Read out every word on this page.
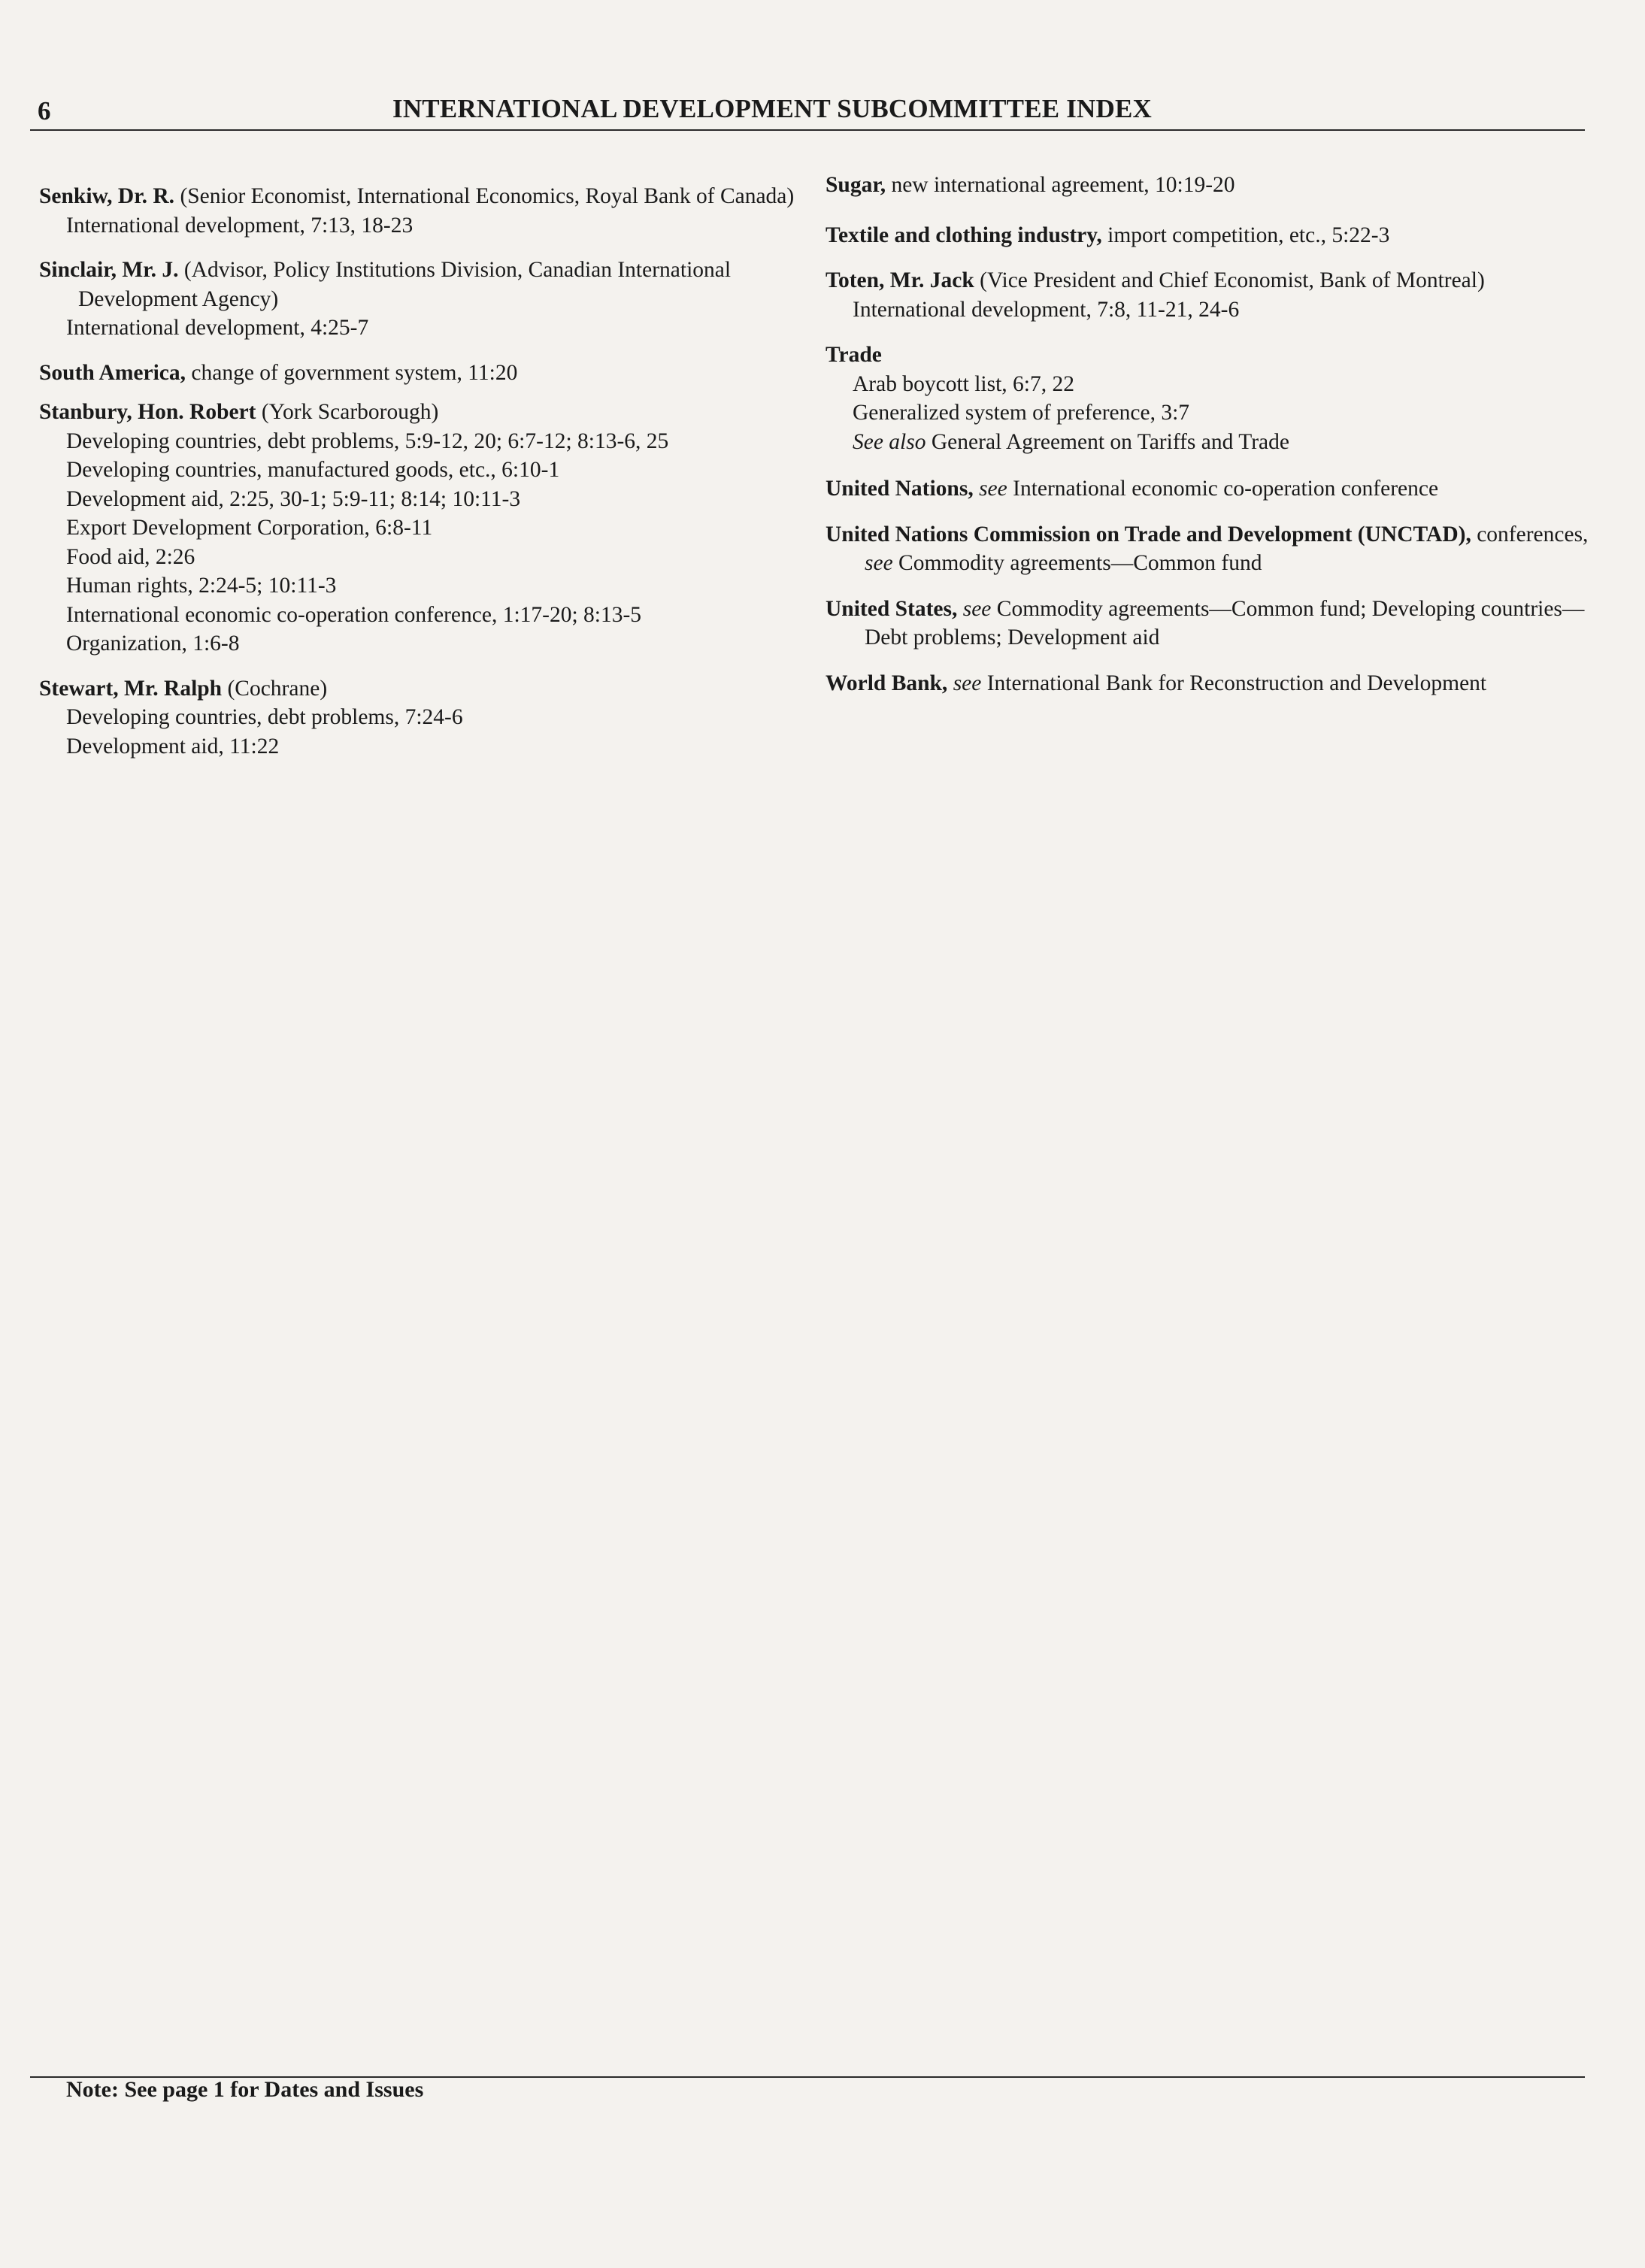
6	INTERNATIONAL DEVELOPMENT SUBCOMMITTEE INDEX
Senkiw, Dr. R. (Senior Economist, International Economics, Royal Bank of Canada)
International development, 7:13, 18-23
Sinclair, Mr. J. (Advisor, Policy Institutions Division, Canadian International Development Agency)
International development, 4:25-7
South America, change of government system, 11:20
Stanbury, Hon. Robert (York Scarborough)
Developing countries, debt problems, 5:9-12, 20; 6:7-12; 8:13-6, 25
Developing countries, manufactured goods, etc., 6:10-1
Development aid, 2:25, 30-1; 5:9-11; 8:14; 10:11-3
Export Development Corporation, 6:8-11
Food aid, 2:26
Human rights, 2:24-5; 10:11-3
International economic co-operation conference, 1:17-20; 8:13-5
Organization, 1:6-8
Stewart, Mr. Ralph (Cochrane)
Developing countries, debt problems, 7:24-6
Development aid, 11:22
Sugar, new international agreement, 10:19-20
Textile and clothing industry, import competition, etc., 5:22-3
Toten, Mr. Jack (Vice President and Chief Economist, Bank of Montreal)
International development, 7:8, 11-21, 24-6
Trade
Arab boycott list, 6:7, 22
Generalized system of preference, 3:7
See also General Agreement on Tariffs and Trade
United Nations, see International economic co-operation conference
United Nations Commission on Trade and Development (UNCTAD), conferences, see Commodity agreements—Common fund
United States, see Commodity agreements—Common fund; Developing countries—Debt problems; Development aid
World Bank, see International Bank for Reconstruction and Development
Note: See page 1 for Dates and Issues
